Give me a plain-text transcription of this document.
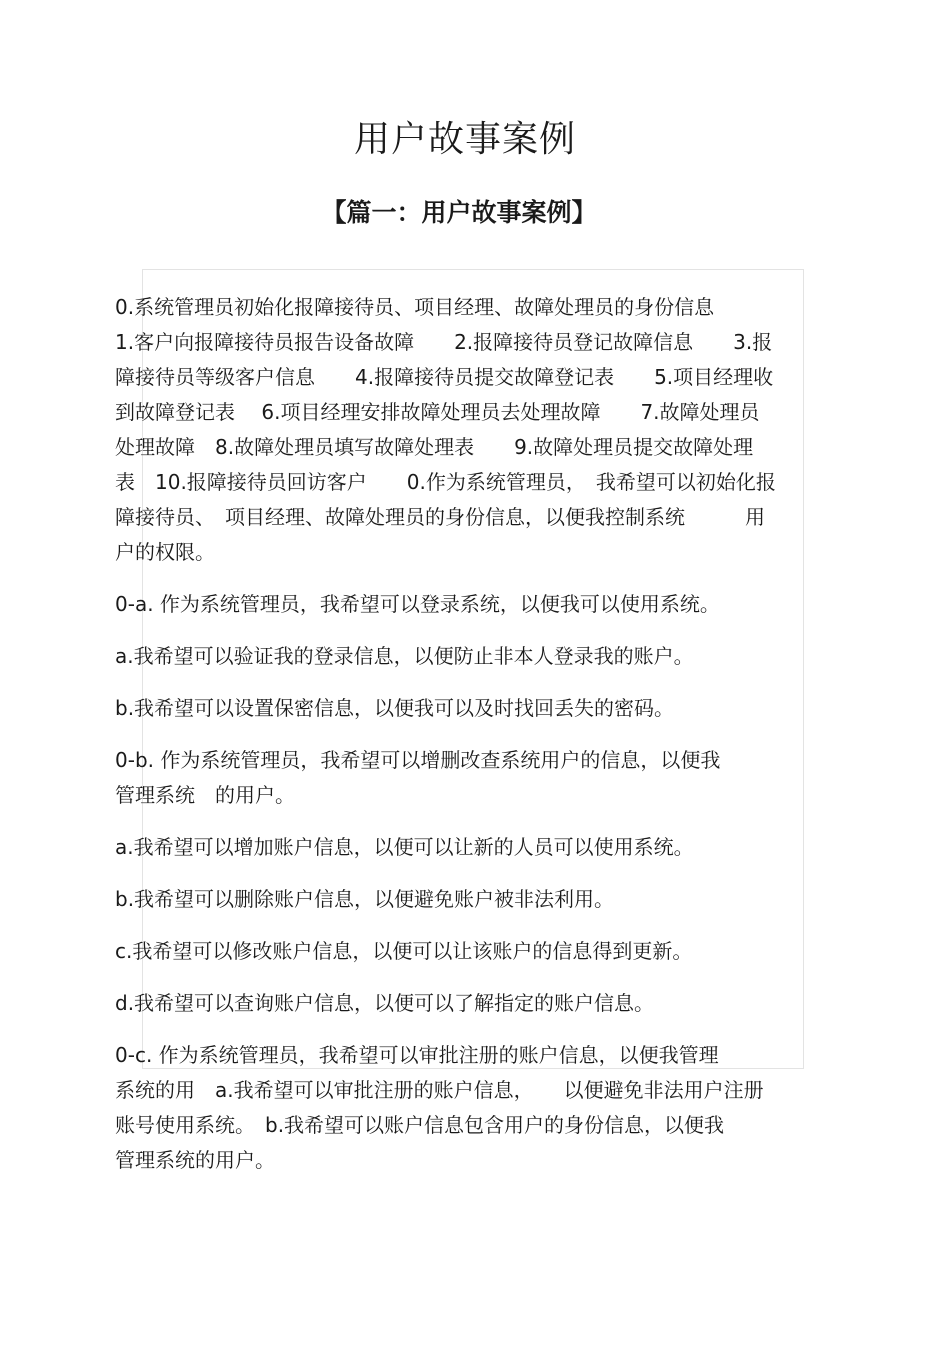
用户故事案例
【篇一：用户故事案例】

0.系统管理员初始化报障接待员、项目经理、故障处理员的身份信息

1.客户向报障接待员报告设备故障　　2.报障接待员登记故障信息　　3.报

障接待员等级客户信息　　4.报障接待员提交故障登记表　　5.项目经理收

到故障登记表　 6.项目经理安排故障处理员去处理故障　　7.故障处理员

处理故障　8.故障处理员填写故障处理表　　9.故障处理员提交故障处理

表　10.报障接待员回访客户　　0.作为系统管理员，　我希望可以初始化报

障接待员、　项目经理、故障处理员的身份信息，以便我控制系统　　　用

户的权限。

0-a. 作为系统管理员，我希望可以登录系统，以便我可以使用系统。

a.我希望可以验证我的登录信息，以便防止非本人登录我的账户。

b.我希望可以设置保密信息，以便我可以及时找回丢失的密码。

0-b. 作为系统管理员，我希望可以增删改查系统用户的信息，以便我

管理系统　的用户。

a.我希望可以增加账户信息，以便可以让新的人员可以使用系统。

b.我希望可以删除账户信息，以便避免账户被非法利用。

c.我希望可以修改账户信息，以便可以让该账户的信息得到更新。

d.我希望可以查询账户信息，以便可以了解指定的账户信息。

0-c. 作为系统管理员，我希望可以审批注册的账户信息，以便我管理

系统的用　a.我希望可以审批注册的账户信息，　　以便避免非法用户注册

账号使用系统。　b.我希望可以账户信息包含用户的身份信息，以便我

管理系统的用户。
